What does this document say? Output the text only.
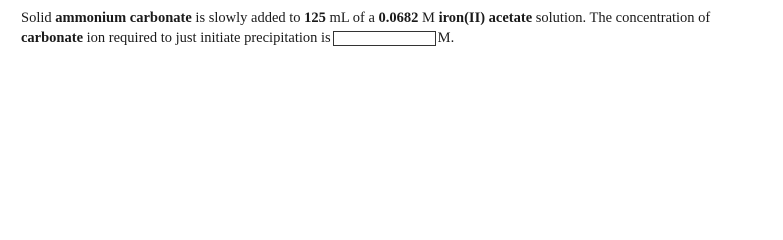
Solid ammonium carbonate is slowly added to 125 mL of a 0.0682 M iron(II) acetate solution. The concentration of
carbonate ion required to just initiate precipitation is	M.
